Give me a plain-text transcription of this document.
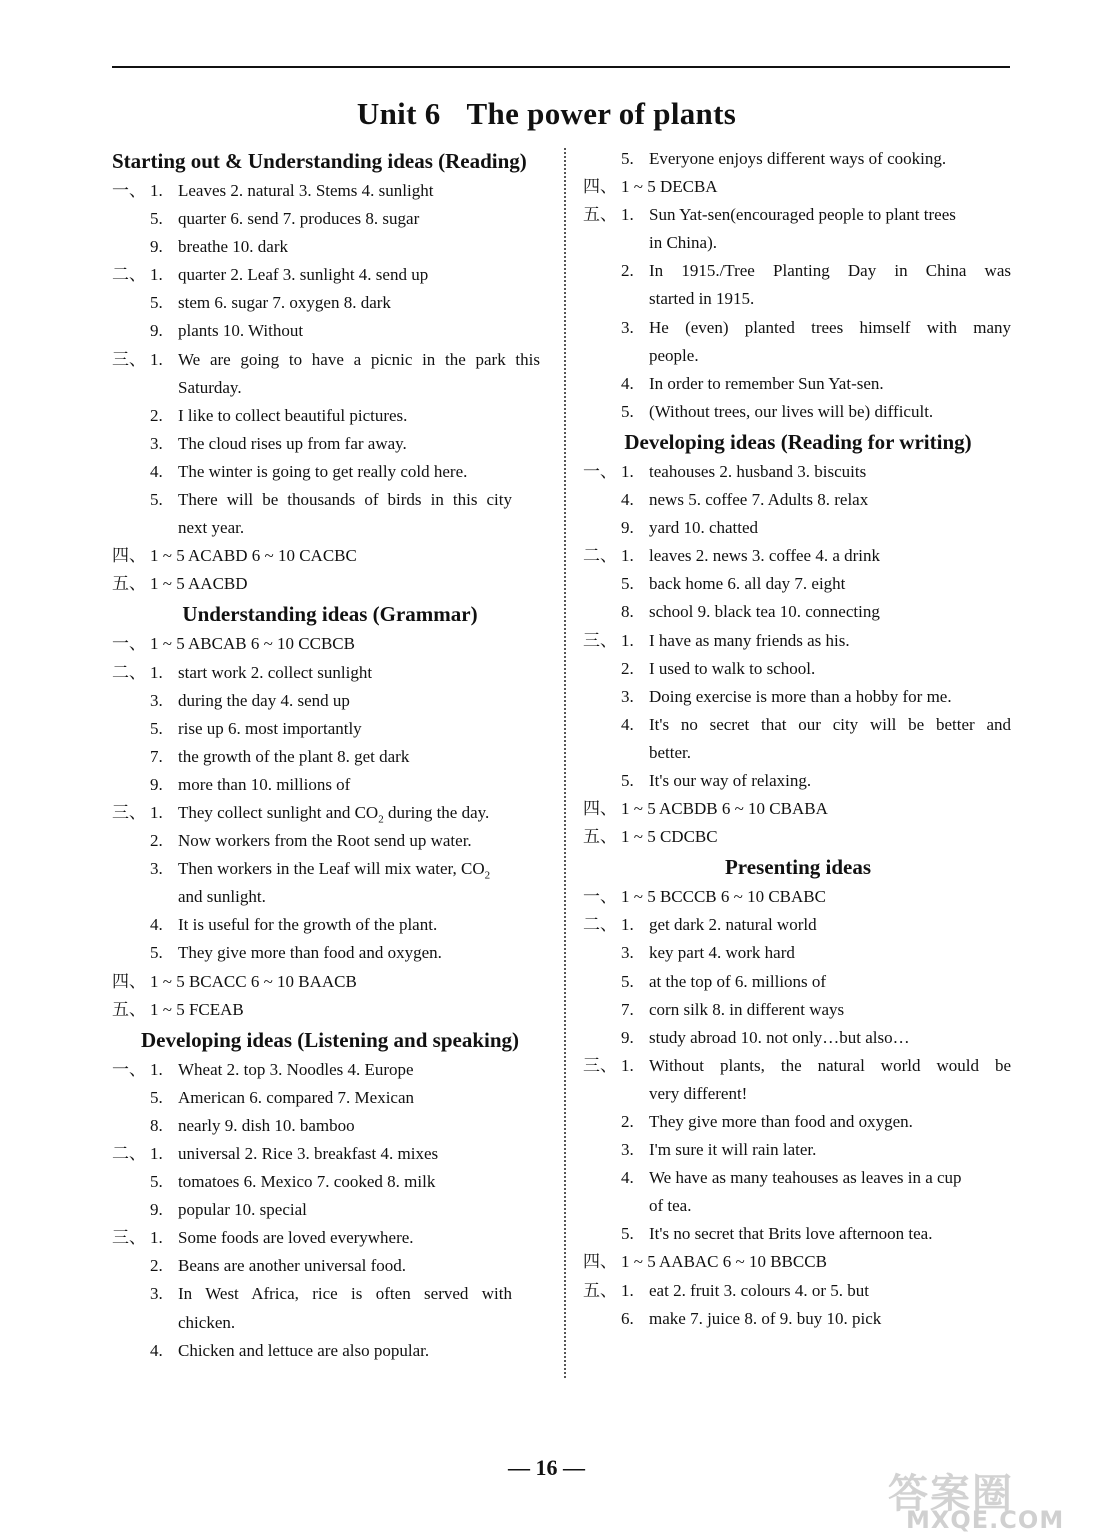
Unit 6 The power of plants
Starting out & Understanding ideas (Reading)
一、 1. Leaves 2. natural 3. Stems 4. sunlight
5. quarter 6. send 7. produces 8. sugar
9. breathe 10. dark
二、 1. quarter 2. Leaf 3. sunlight 4. send up
5. stem 6. sugar 7. oxygen 8. dark
9. plants 10. Without
三、 1. We are going to have a picnic in the park this
Saturday.
2. I like to collect beautiful pictures.
3. The cloud rises up from far away.
4. The winter is going to get really cold here.
5. There will be thousands of birds in this city
next year.
四、 1 ~ 5 ACABD 6 ~ 10 CACBC
五、 1 ~ 5 AACBD
Understanding ideas (Grammar)
一、 1 ~ 5 ABCAB 6 ~ 10 CCBCB
二、 1. start work 2. collect sunlight
3. during the day 4. send up
5. rise up 6. most importantly
7. the growth of the plant 8. get dark
9. more than 10. millions of
三、 1. They collect sunlight and $CO_2$ during the day.
2. Now workers from the Root send up water.
3. Then workers in the Leaf will mix water, $CO_2$
and sunlight.
4. It is useful for the growth of the plant.
5. They give more than food and oxygen.
四、 1 ~ 5 BCACC 6 ~ 10 BAACB
五、 1 ~ 5 FCEAB
Developing ideas (Listening and speaking)
一、 1. Wheat 2. top 3. Noodles 4. Europe
5. American 6. compared 7. Mexican
8. nearly 9. dish 10. bamboo
二、 1. universal 2. Rice 3. breakfast 4. mixes
5. tomatoes 6. Mexico 7. cooked 8. milk
9. popular 10. special
三、 1. Some foods are loved everywhere.
2. Beans are another universal food.
3. In West Africa, rice is often served with
chicken.
4. Chicken and lettuce are also popular.
5. Everyone enjoys different ways of cooking.
四、 1 ~ 5 DECBA
五、 1. Sun Yat-sen(encouraged people to plant trees
in China).
2. In 1915./Tree Planting Day in China was
started in 1915.
3. He (even) planted trees himself with many
people.
4. In order to remember Sun Yat-sen.
5. (Without trees, our lives will be) difficult.
Developing ideas (Reading for writing)
一、 1. teahouses 2. husband 3. biscuits
4. news 5. coffee 7. Adults 8. relax
9. yard 10. chatted
二、 1. leaves 2. news 3. coffee 4. a drink
5. back home 6. all day 7. eight
8. school 9. black tea 10. connecting
三、 1. I have as many friends as his.
2. I used to walk to school.
3. Doing exercise is more than a hobby for me.
4. It's no secret that our city will be better and
better.
5. It's our way of relaxing.
四、 1 ~ 5 ACBDB 6 ~ 10 CBABA
五、 1 ~ 5 CDCBC
Presenting ideas
一、 1 ~ 5 BCCCB 6 ~ 10 CBABC
二、 1. get dark 2. natural world
3. key part 4. work hard
5. at the top of 6. millions of
7. corn silk 8. in different ways
9. study abroad 10. not only…but also…
三、 1. Without plants, the natural world would be
very different!
2. They give more than food and oxygen.
3. I'm sure it will rain later.
4. We have as many teahouses as leaves in a cup
of tea.
5. It's no secret that Brits love afternoon tea.
四、 1 ~ 5 AABAC 6 ~ 10 BBCCB
五、 1. eat 2. fruit 3. colours 4. or 5. but
6. make 7. juice 8. of 9. buy 10. pick
— 16 —
答案圈
MXQE.COM
